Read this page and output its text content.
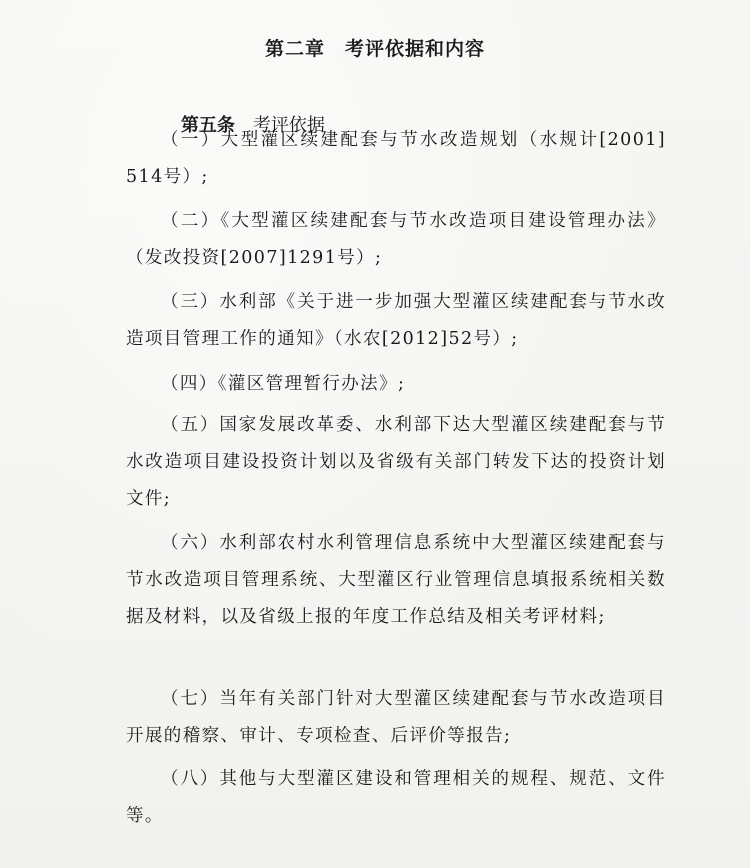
第二章　考评依据和内容

第五条　 考评依据

（一）大型灌区续建配套与节水改造规划（水规计[2001] 514号）;
（二）《大型灌区续建配套与节水改造项目建设管理办法》（发改投资[2007]1291号）;
（三）水利部《关于进一步加强大型灌区续建配套与节水改造项目管理工作的通知》（水农[2012]52号）;
（四）《灌区管理暂行办法》;
（五）国家发展改革委、水利部下达大型灌区续建配套与节水改造项目建设投资计划以及省级有关部门转发下达的投资计划文件;
（六）水利部农村水利管理信息系统中大型灌区续建配套与节水改造项目管理系统、大型灌区行业管理信息填报系统相关数据及材料，以及省级上报的年度工作总结及相关考评材料;
（七）当年有关部门针对大型灌区续建配套与节水改造项目开展的稽察、审计、专项检查、后评价等报告;
（八）其他与大型灌区建设和管理相关的规程、规范、文件等。
